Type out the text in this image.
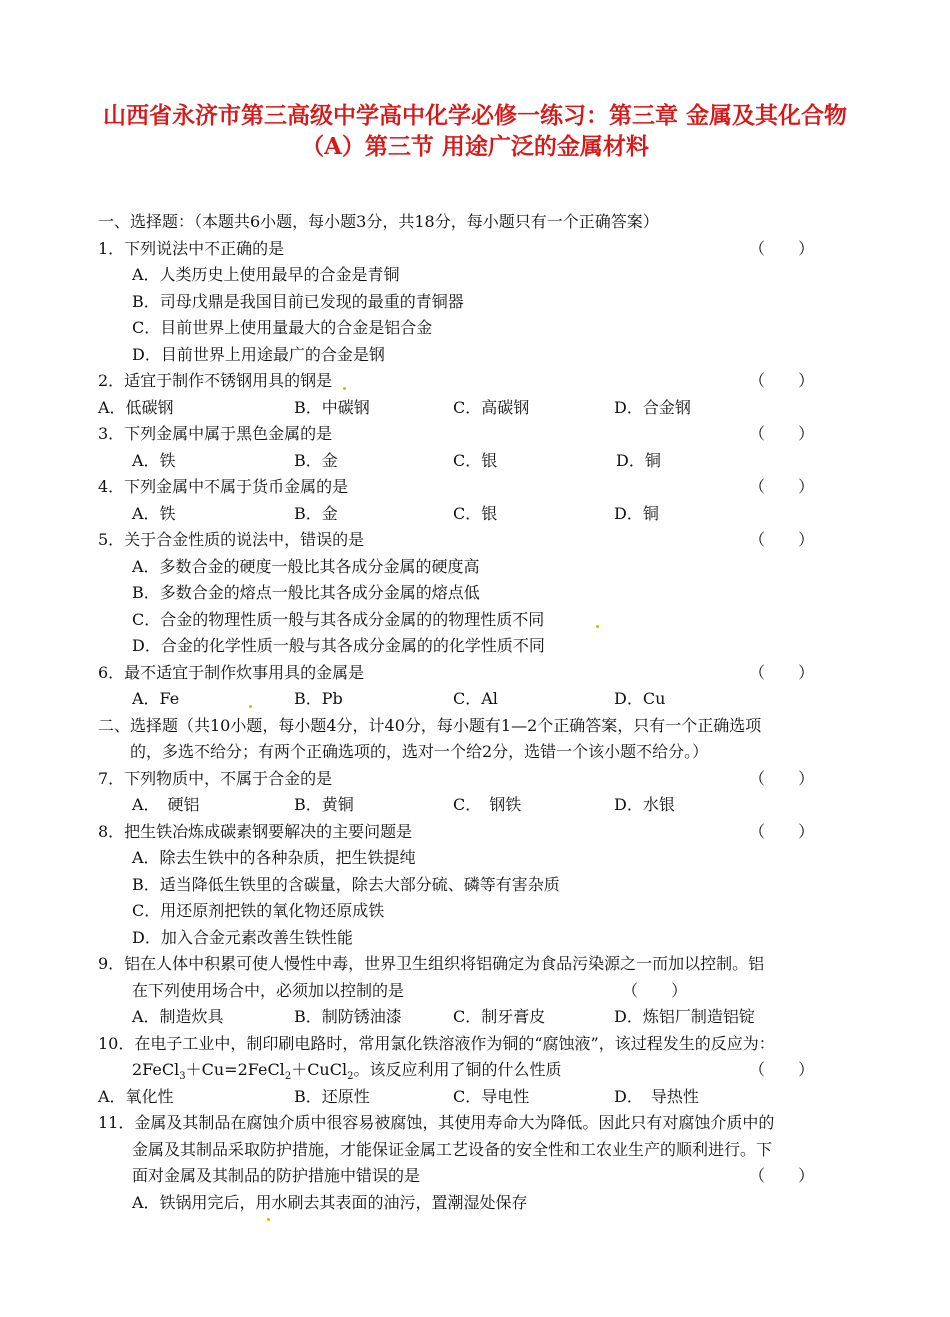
山西省永济市第三高级中学高中化学必修一练习：第三章 金属及其化合物 （A）第三节 用途广泛的金属材料
一、选择题：（本题共6小题，每小题3分，共18分，每小题只有一个正确答案）
1．下列说法中不正确的是	（ ）
A．人类历史上使用最早的合金是青铜
B．司母戊鼎是我国目前已发现的最重的青铜器
C．目前世界上使用量最大的合金是铝合金
D．目前世界上用途最广的合金是钢
2．适宜于制作不锈钢用具的钢是	（ ）
A．低碳钢	B．中碳钢	C．高碳钢	D．合金钢
3．下列金属中属于黑色金属的是	（ ）
A．铁	B．金	C．银	D．铜
4．下列金属中不属于货币金属的是	（ ）
A．铁	B．金	C．银	D．铜
5．关于合金性质的说法中，错误的是	（ ）
A．多数合金的硬度一般比其各成分金属的硬度高
B．多数合金的熔点一般比其各成分金属的熔点低
C．合金的物理性质一般与其各成分金属的的物理性质不同
D．合金的化学性质一般与其各成分金属的的化学性质不同
6．最不适宜于制作炊事用具的金属是	（ ）
A．Fe	B．Pb	C．Al	D．Cu
二、选择题（共10小题，每小题4分，计40分，每小题有1—2个正确答案，只有一个正确选项
的，多选不给分；有两个正确选项的，选对一个给2分，选错一个该小题不给分。）
7．下列物质中，不属于合金的是	（ ）
A．　硬铝	B．黄铜	C．　钢铁	D．水银
8．把生铁冶炼成碳素钢要解决的主要问题是	（ ）
A．除去生铁中的各种杂质，把生铁提纯
B．适当降低生铁里的含碳量，除去大部分硫、磷等有害杂质
C．用还原剂把铁的氧化物还原成铁
D．加入合金元素改善生铁性能
9．铝在人体中积累可使人慢性中毒，世界卫生组织将铝确定为食品污染源之一而加以控制。铝
在下列使用场合中，必须加以控制的是	（ ）
A．制造炊具	B．制防锈油漆	C．制牙膏皮	D．炼铝厂制造铝锭
10．在电子工业中，制印刷电路时，常用氯化铁溶液作为铜的“腐蚀液”，该过程发生的反应为：
2FeCl$_3$＋Cu=2FeCl$_2$＋CuCl$_2$。该反应利用了铜的什么性质	（ ）
A．氧化性	B．还原性	C．导电性	D．　导热性
11．金属及其制品在腐蚀介质中很容易被腐蚀，其使用寿命大为降低。因此只有对腐蚀介质中的
金属及其制品采取防护措施，才能保证金属工艺设备的安全性和工农业生产的顺利进行。下
面对金属及其制品的防护措施中错误的是	（ ）
A．铁锅用完后，用水刷去其表面的油污，置潮湿处保存
